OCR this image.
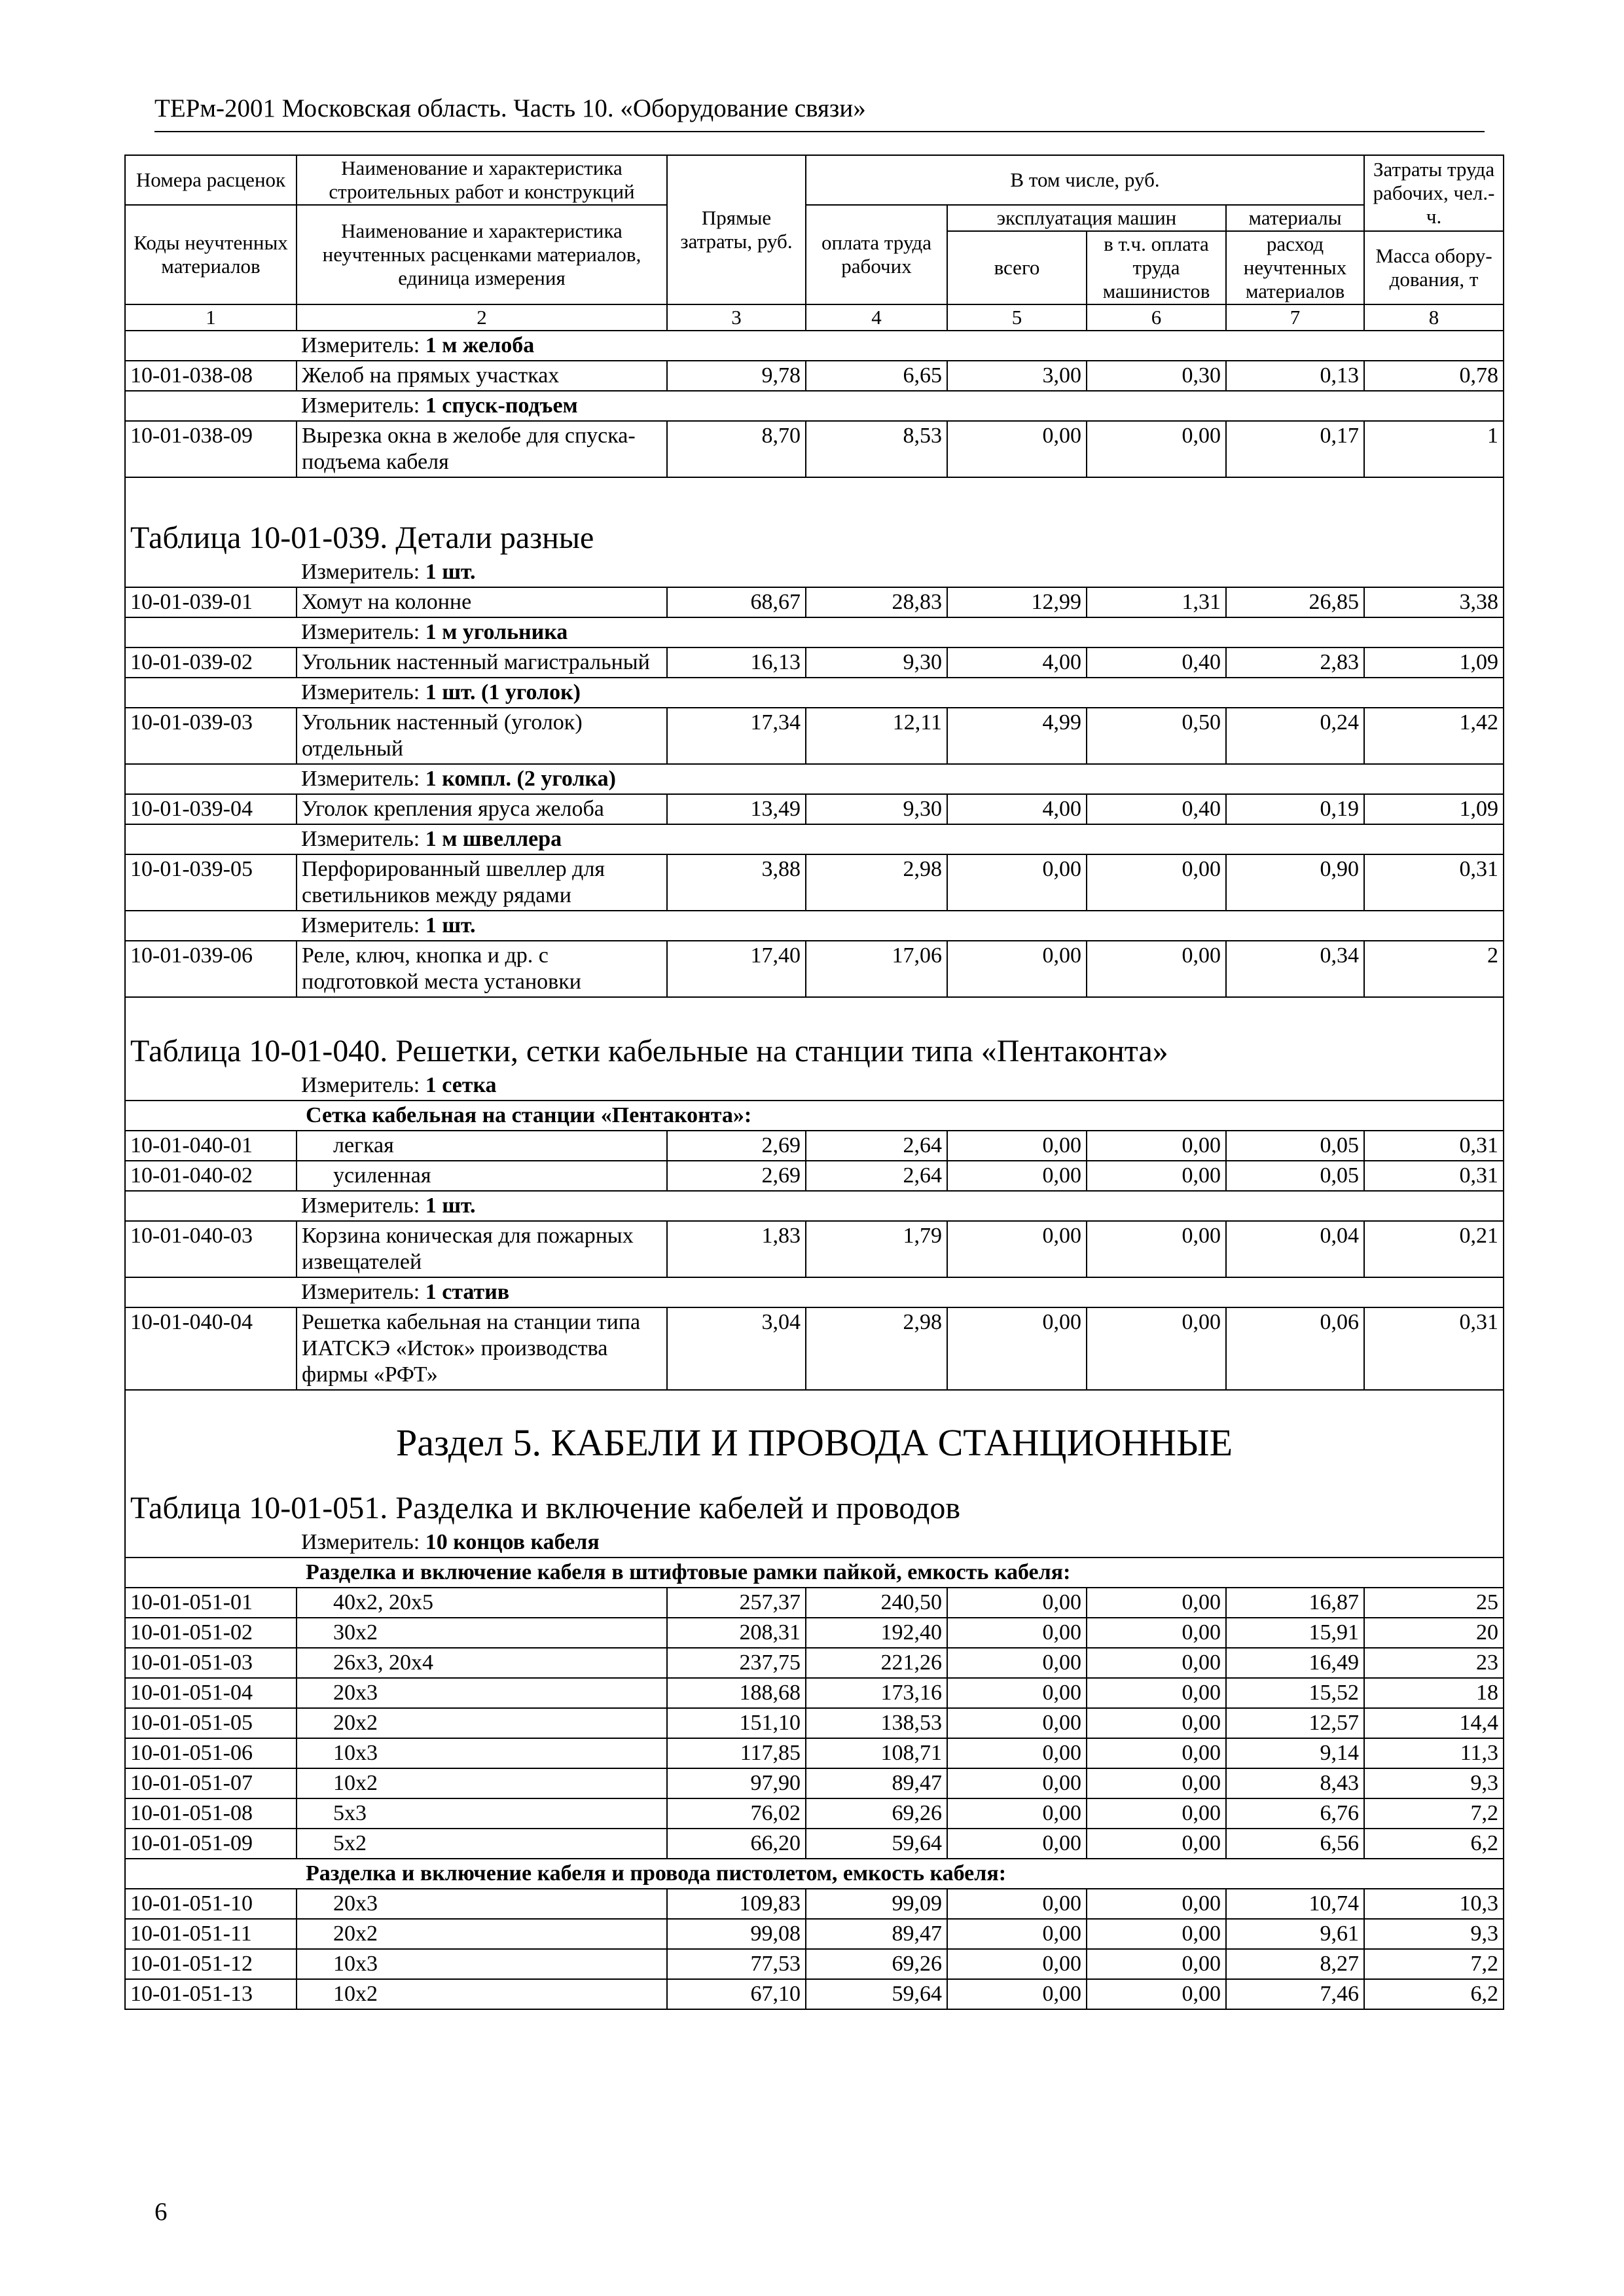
ТЕРм-2001 Московская область. Часть 10. «Оборудование связи»
Номера расценок	Наименование и характеристика строительных работ и конструкций	Прямые затраты, руб.	В том числе, руб.				Затраты труда рабочих, чел.-ч.
Коды неучтенных материалов	Наименование и характеристика неучтенных расценками материалов, единица измерения		оплата труда рабочих	эксплуатация машин		материалы	
				всего	в т.ч. оплата труда машинистов	расход неучтенных материалов	Масса обору-дования, т
1	2	3	4	5	6	7	8
Измеритель: 1 м желоба							
10-01-038-08	Желоб на прямых участках	9,78	6,65	3,00	0,30	0,13	0,78
Измеритель: 1 спуск-подъем							
10-01-038-09	Вырезка окна в желобе для спуска-подъема кабеля	8,70	8,53	0,00	0,00	0,17	1

Таблица 10-01-039. Детали разные							
Измеритель: 1 шт.							
10-01-039-01	Хомут на колонне	68,67	28,83	12,99	1,31	26,85	3,38
Измеритель: 1 м угольника							
10-01-039-02	Угольник настенный магистральный	16,13	9,30	4,00	0,40	2,83	1,09
Измеритель: 1 шт. (1 уголок)							
10-01-039-03	Угольник настенный (уголок) отдельный	17,34	12,11	4,99	0,50	0,24	1,42
Измеритель: 1 компл. (2 уголка)							
10-01-039-04	Уголок крепления яруса желоба	13,49	9,30	4,00	0,40	0,19	1,09
Измеритель: 1 м швеллера							
10-01-039-05	Перфорированный швеллер для светильников между рядами	3,88	2,98	0,00	0,00	0,90	0,31
Измеритель: 1 шт.							
10-01-039-06	Реле, ключ, кнопка и др. с подготовкой места установки	17,40	17,06	0,00	0,00	0,34	2

Таблица 10-01-040. Решетки, сетки кабельные на станции типа «Пентаконта»							
Измеритель: 1 сетка							
Сетка кабельная на станции «Пентаконта»:							
10-01-040-01	легкая	2,69	2,64	0,00	0,00	0,05	0,31
10-01-040-02	усиленная	2,69	2,64	0,00	0,00	0,05	0,31
Измеритель: 1 шт.							
10-01-040-03	Корзина коническая для пожарных извещателей	1,83	1,79	0,00	0,00	0,04	0,21
Измеритель: 1 статив							
10-01-040-04	Решетка кабельная на станции типа ИАТСКЭ «Исток» производства фирмы «РФТ»	3,04	2,98	0,00	0,00	0,06	0,31

Раздел 5. КАБЕЛИ И ПРОВОДА СТАНЦИОННЫЕ							

Таблица 10-01-051. Разделка и включение кабелей и проводов							
Измеритель: 10 концов кабеля							
Разделка и включение кабеля в штифтовые рамки пайкой, емкость кабеля:							
10-01-051-01	40х2, 20х5	257,37	240,50	0,00	0,00	16,87	25
10-01-051-02	30х2	208,31	192,40	0,00	0,00	15,91	20
10-01-051-03	26х3, 20х4	237,75	221,26	0,00	0,00	16,49	23
10-01-051-04	20х3	188,68	173,16	0,00	0,00	15,52	18
10-01-051-05	20х2	151,10	138,53	0,00	0,00	12,57	14,4
10-01-051-06	10х3	117,85	108,71	0,00	0,00	9,14	11,3
10-01-051-07	10х2	97,90	89,47	0,00	0,00	8,43	9,3
10-01-051-08	5х3	76,02	69,26	0,00	0,00	6,76	7,2
10-01-051-09	5х2	66,20	59,64	0,00	0,00	6,56	6,2
Разделка и включение кабеля и провода пистолетом, емкость кабеля:							
10-01-051-10	20х3	109,83	99,09	0,00	0,00	10,74	10,3
10-01-051-11	20х2	99,08	89,47	0,00	0,00	9,61	9,3
10-01-051-12	10х3	77,53	69,26	0,00	0,00	8,27	7,2
10-01-051-13	10х2	67,10	59,64	0,00	0,00	7,46	6,2
6
